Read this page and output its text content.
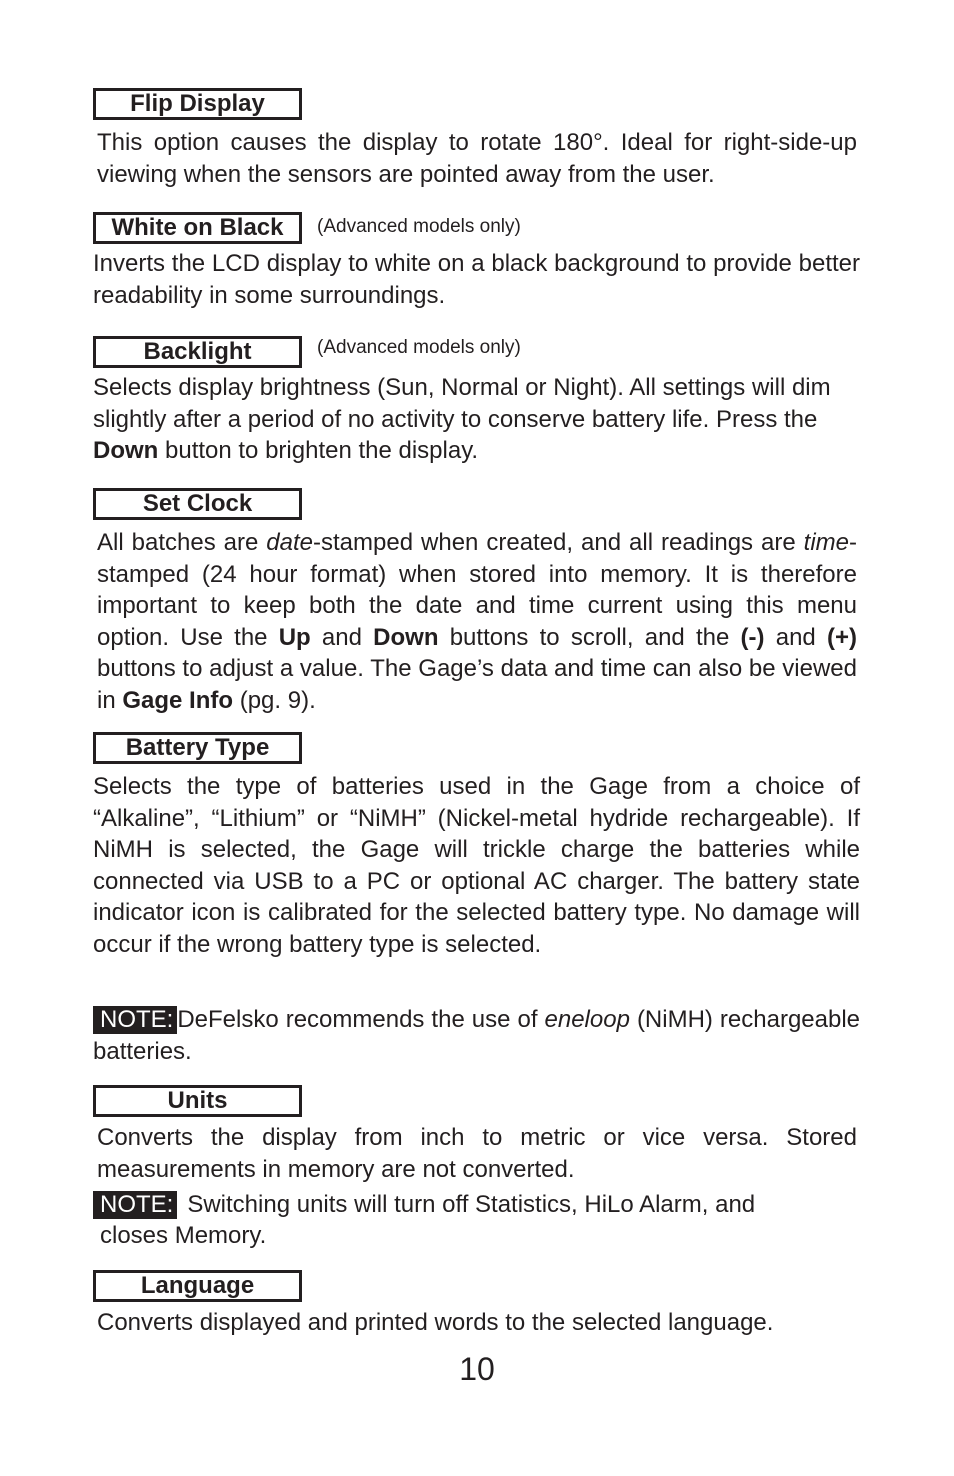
Flip Display
This option causes the display to rotate 180°. Ideal for right-side-up viewing when the sensors are pointed away from the user.
White on Black	(Advanced models only)
Inverts the LCD display to white on a black background to provide better readability in some surroundings.
Backlight	(Advanced models only)
Selects display brightness (Sun, Normal or Night). All settings will dim slightly after a period of no activity to conserve battery life. Press the Down button to brighten the display.
Set Clock
All batches are date-stamped when created, and all readings are time-stamped (24 hour format) when stored into memory. It is therefore important to keep both the date and time current using this menu option. Use the Up and Down buttons to scroll, and the (-) and (+) buttons to adjust a value. The Gage’s data and time can also be viewed in Gage Info (pg. 9).
Battery Type
Selects the type of batteries used in the Gage from a choice of “Alkaline”, “Lithium” or “NiMH” (Nickel-metal hydride rechargeable). If NiMH is selected, the Gage will trickle charge the batteries while connected via USB to a PC or optional AC charger. The battery state indicator icon is calibrated for the selected battery type. No damage will occur if the wrong battery type is selected.
NOTE: DeFelsko recommends the use of eneloop (NiMH) rechargeable batteries.
Units
Converts the display from inch to metric or vice versa. Stored measurements in memory are not converted.
NOTE: Switching units will turn off Statistics, HiLo Alarm, and
closes Memory.
Language
Converts displayed and printed words to the selected language.
10
